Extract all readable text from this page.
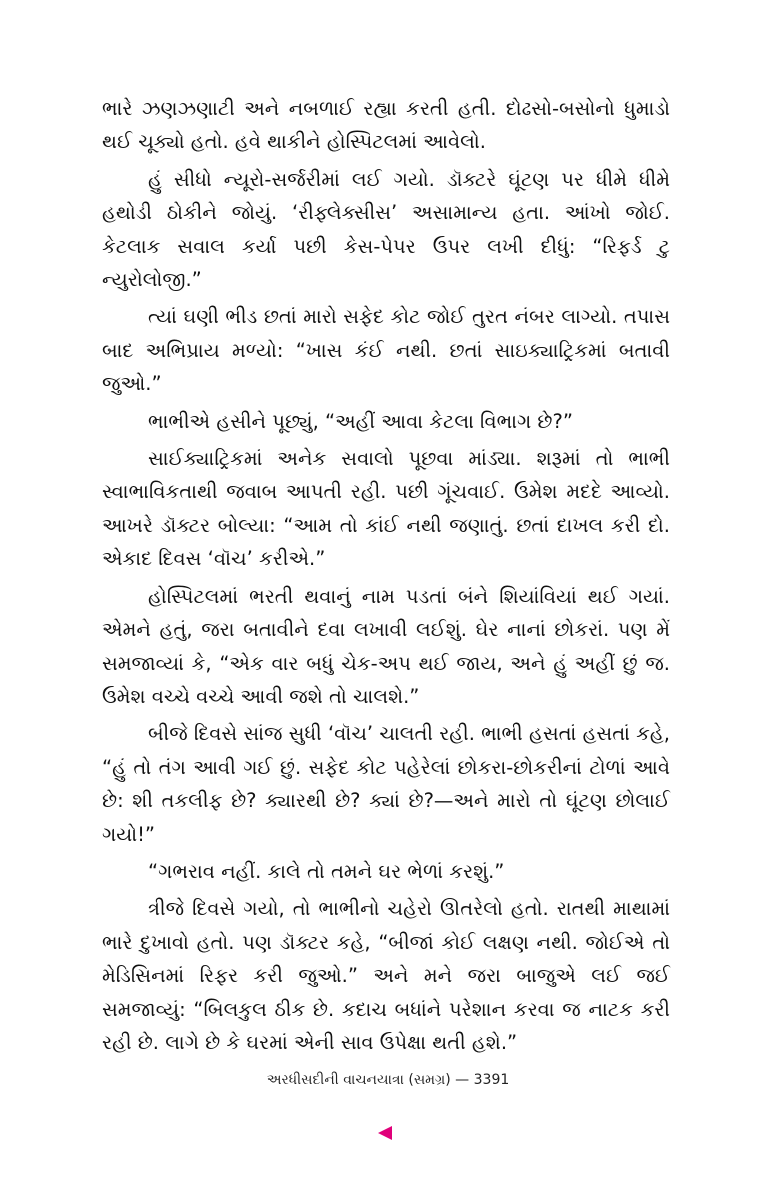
ભારે ઝણઝણાટી અને નબળાઈ રહ્યા કરતી હતી. દોઢસો-બસોનો ધુમાડો થઈ ચૂક્યો હતો. હવે થાકીને હોસ્પિટલમાં આવેલો.

હું સીધો ન્યૂરો-સર્જરીમાં લઈ ગયો. ડૉક્ટરે ઘૂંટણ પર ધીમે ધીમે હથોડી ઠોકીને જોયું. ‘રીફ્લેક્સીસ’ અસામાન્ય હતા. આંખો જોઈ. કેટલાક સવાલ કર્યા પછી કેસ-પેપર ઉપર લખી દીધું: “રિફર્ડ ટુ ન્યુરોલોજી.”

ત્યાં ઘણી ભીડ છતાં મારો સફેદ કોટ જોઈ તુરત નંબર લાગ્યો. તપાસ બાદ અભિપ્રાય મળ્યો: “ખાસ કંઈ નથી. છતાં સાઇક્યાટ્રિકમાં બતાવી જુઓ.”

ભાભીએ હસીને પૂછ્યું, “અહીં આવા કેટલા વિભાગ છે?”

સાઈક્યાટ્રિકમાં અનેક સવાલો પૂછવા માંડ્યા. શરૂમાં તો ભાભી સ્વાભાવિકતાથી જવાબ આપતી રહી. પછી ગૂંચવાઈ. ઉમેશ મદદે આવ્યો. આખરે ડૉક્ટર બોલ્યા: “આમ તો કાંઈ નથી જણાતું. છતાં દાખલ કરી દો. એકાદ દિવસ ‘વૉચ’ કરીએ.”

હોસ્પિટલમાં ભરતી થવાનું નામ પડતાં બંને શિયાંવિયાં થઈ ગયાં. એમને હતું, જરા બતાવીને દવા લખાવી લઈશું. ઘેર નાનાં છોકરાં. પણ મેં સમજાવ્યાં કે, “એક વાર બધું ચેક-અપ થઈ જાય, અને હું અહીં છું જ. ઉમેશ વચ્ચે વચ્ચે આવી જશે તો ચાલશે.”

બીજે દિવસે સાંજ સુધી ‘વૉચ’ ચાલતી રહી. ભાભી હસતાં હસતાં કહે, “હું તો તંગ આવી ગઈ છું. સફેદ કોટ પહેરેલાં છોકરા-છોકરીનાં ટોળાં આવે છે: શી તકલીફ છે? ક્યારથી છે? ક્યાં છે?—અને મારો તો ઘૂંટણ છોલાઈ ગયો!”

“ગભરાવ નહીં. કાલે તો તમને ઘર ભેળાં કરશું.”

ત્રીજે દિવસે ગયો, તો ભાભીનો ચહેરો ઊતરેલો હતો. રાતથી માથામાં ભારે દુખાવો હતો. પણ ડૉક્ટર કહે, “બીજાં કોઈ લક્ષણ નથી. જોઈએ તો મેડિસિનમાં રિફર કરી જુઓ.” અને મને જરા બાજુએ લઈ જઈ સમજાવ્યું: “બિલકુલ ઠીક છે. કદાચ બધાંને પરેશાન કરવા જ નાટક કરી રહી છે. લાગે છે કે ઘરમાં એની સાવ ઉપેક્ષા થતી હશે.”

અરધીસદીની વાચનયાત્રા (સમગ્ર) — 3391
